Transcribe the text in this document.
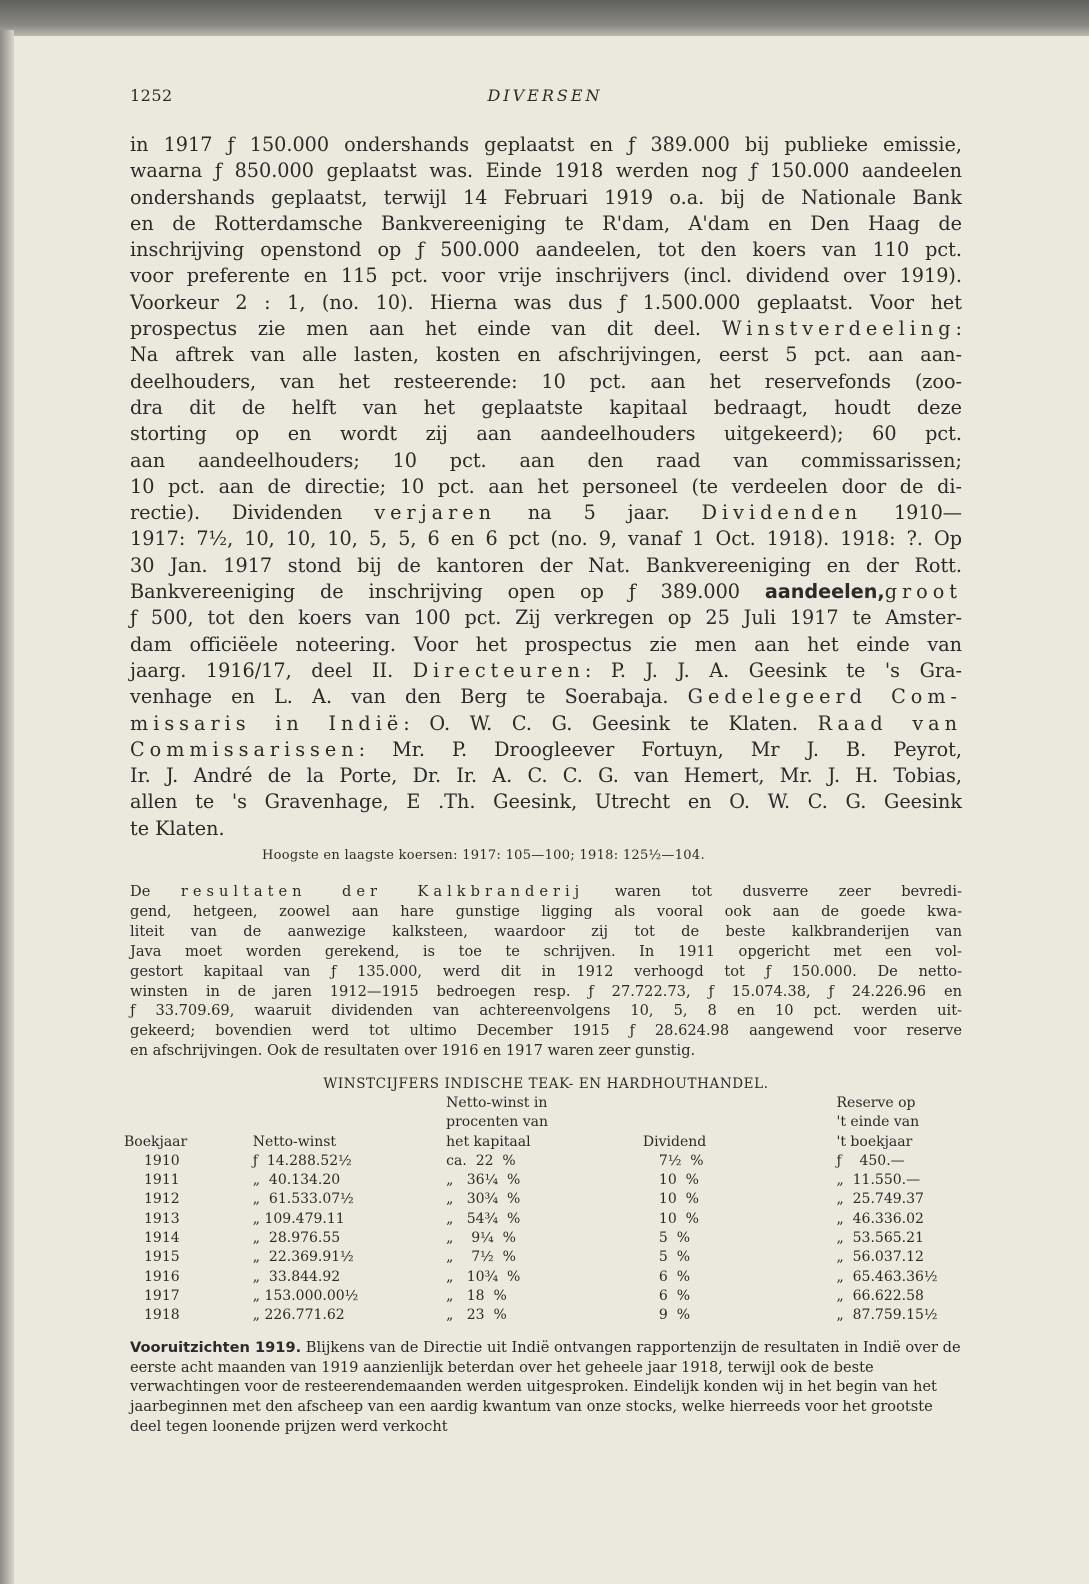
1252	DIVERSEN
in 1917 ƒ 150.000 ondershands geplaatst en ƒ 389.000 bij publieke emissie,
waarna ƒ 850.000 geplaatst was. Einde 1918 werden nog ƒ 150.000 aandeelen
ondershands geplaatst, terwijl 14 Februari 1919 o.a. bij de Nationale Bank
en de Rotterdamsche Bankvereeniging te R'dam, A'dam en Den Haag de
inschrijving openstond op ƒ 500.000 aandeelen, tot den koers van 110 pct.
voor preferente en 115 pct. voor vrije inschrijvers (incl. dividend over 1919).
Voorkeur 2 : 1, (no. 10). Hierna was dus ƒ 1.500.000 geplaatst. Voor het
prospectus zie men aan het einde van dit deel. Winstverdeeling:
Na aftrek van alle lasten, kosten en afschrijvingen, eerst 5 pct. aan aan-
deelhouders, van het resteerende: 10 pct. aan het reservefonds (zoo-
dra dit de helft van het geplaatste kapitaal bedraagt, houdt deze
storting op en wordt zij aan aandeelhouders uitgekeerd); 60 pct.
aan aandeelhouders; 10 pct. aan den raad van commissarissen;
10 pct. aan de directie; 10 pct. aan het personeel (te verdeelen door de di-
rectie). Dividenden verjaren na 5 jaar. Dividenden 1910—
1917: 7½, 10, 10, 10, 5, 5, 6 en 6 pct (no. 9, vanaf 1 Oct. 1918). 1918: ?. Op
30 Jan. 1917 stond bij de kantoren der Nat. Bankvereeniging en der Rott.
Bankvereeniging de inschrijving open op ƒ 389.000 aandeelen,groot
ƒ 500, tot den koers van 100 pct. Zij verkregen op 25 Juli 1917 te Amster-
dam officiëele noteering. Voor het prospectus zie men aan het einde van
jaarg. 1916/17, deel II. Directeuren: P. J. J. A. Geesink te 's Gra-
venhage en L. A. van den Berg te Soerabaja. Gedelegeerd Com-
missaris in Indië: O. W. C. G. Geesink te Klaten. Raad van
Commissarissen: Mr. P. Droogleever Fortuyn, Mr J. B. Peyrot,
Ir. J. André de la Porte, Dr. Ir. A. C. C. G. van Hemert, Mr. J. H. Tobias,
allen te 's Gravenhage, E .Th. Geesink, Utrecht en O. W. C. G. Geesink
te Klaten.
Hoogste en laagste koersen: 1917: 105—100; 1918: 125½—104.
De resultaten der Kalkbranderij waren tot dusverre zeer bevredi-
gend, hetgeen, zoowel aan hare gunstige ligging als vooral ook aan de goede kwa-
liteit van de aanwezige kalksteen, waardoor zij tot de beste kalkbranderijen van
Java moet worden gerekend, is toe te schrijven. In 1911 opgericht met een vol-
gestort kapitaal van ƒ 135.000, werd dit in 1912 verhoogd tot ƒ 150.000. De netto-
winsten in de jaren 1912—1915 bedroegen resp. ƒ 27.722.73, ƒ 15.074.38, ƒ 24.226.96 en
ƒ 33.709.69, waaruit dividenden van achtereenvolgens 10, 5, 8 en 10 pct. werden uit-
gekeerd; bovendien werd tot ultimo December 1915 ƒ 28.624.98 aangewend voor reserve
en afschrijvingen. Ook de resultaten over 1916 en 1917 waren zeer gunstig.
WINSTCIJFERS INDISCHE TEAK- EN HARDHOUTHANDEL.
		Netto-winst in		Reserve op
		procenten van		't einde van
Boekjaar	Netto-winst	het kapitaal	Dividend	't boekjaar
1910	ƒ  14.288.52½	ca.  22  %	7½  %	ƒ    450.—
1911	„  40.134.20	„   36¼  %	10  %	„  11.550.—
1912	„  61.533.07½	„   30¾  %	10  %	„  25.749.37
1913	„ 109.479.11	„   54¾  %	10  %	„  46.336.02
1914	„  28.976.55	„    9¼  %	5  %	„  53.565.21
1915	„  22.369.91½	„    7½  %	5  %	„  56.037.12
1916	„  33.844.92	„   10¾  %	6  %	„  65.463.36½
1917	„ 153.000.00½	„   18  %	6  %	„  66.622.58
1918	„ 226.771.62	„   23  %	9  %	„  87.759.15½
Vooruitzichten 1919. Blijkens van de Directie uit Indië ontvangen rapportenzijn de resultaten in Indië over de eerste acht maanden van 1919 aanzienlijk beterdan over het geheele jaar 1918, terwijl ook de beste verwachtingen voor de resteerendemaanden werden uitgesproken. Eindelijk konden wij in het begin van het jaarbeginnen met den afscheep van een aardig kwantum van onze stocks, welke hierreeds voor het grootste deel tegen loonende prijzen werd verkocht
